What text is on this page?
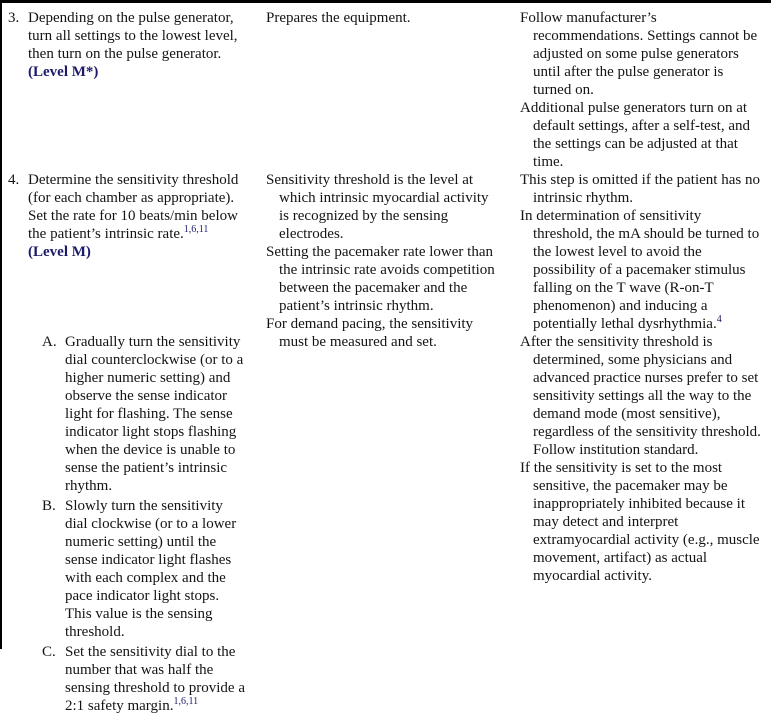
3. Depending on the pulse generator, turn all settings to the lowest level, then turn on the pulse generator.
(Level M*)

Prepares the equipment.	Follow manufacturer’s recommendations. Settings cannot be adjusted on some pulse generators until after the pulse generator is turned on.

Additional pulse generators turn on at default settings, after a self-test, and the settings can be adjusted at that time.

4. Determine the sensitivity threshold (for each chamber as appropriate). Set the rate for 10 beats/min below the patient’s intrinsic rate.$^{1,6,11}$
(Level M)
A. Gradually turn the sensitivity dial counterclockwise (or to a higher numeric setting) and observe the sense indicator light for flashing. The sense indicator light stops flashing when the device is unable to sense the patient’s intrinsic rhythm.
B. Slowly turn the sensitivity dial clockwise (or to a lower numeric setting) until the sense indicator light flashes with each complex and the pace indicator light stops. This value is the sensing threshold.
C. Set the sensitivity dial to the number that was half the sensing threshold to provide a 2:1 safety margin.$^{1,6,11}$

Sensitivity threshold is the level at which intrinsic myocardial activity is recognized by the sensing electrodes.

Setting the pacemaker rate lower than the intrinsic rate avoids competition between the pacemaker and the patient’s intrinsic rhythm.

For demand pacing, the sensitivity must be measured and set.

This step is omitted if the patient has no intrinsic rhythm.

In determination of sensitivity threshold, the mA should be turned to the lowest level to avoid the possibility of a pacemaker stimulus falling on the T wave (R-on-T phenomenon) and inducing a potentially lethal dysrhythmia.$^4$

After the sensitivity threshold is determined, some physicians and advanced practice nurses prefer to set sensitivity settings all the way to the demand mode (most sensitive), regardless of the sensitivity threshold. Follow institution standard.

If the sensitivity is set to the most sensitive, the pacemaker may be inappropriately inhibited because it may detect and interpret extramyocardial activity (e.g., muscle movement, artifact) as actual myocardial activity.
